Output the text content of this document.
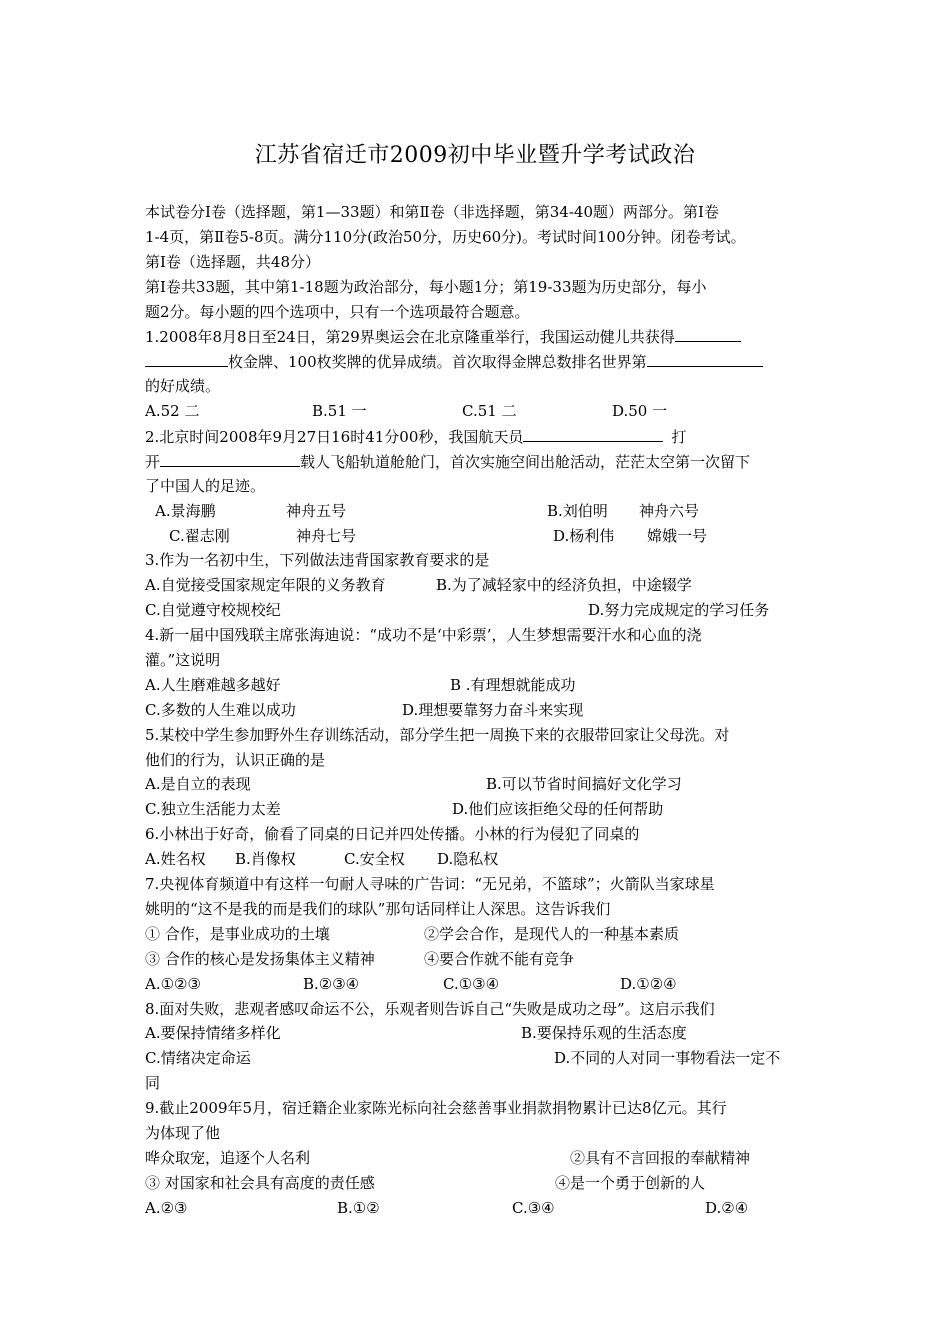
江苏省宿迁市2009初中毕业暨升学考试政治
本试卷分Ⅰ卷（选择题，第1—33题）和第Ⅱ卷（非选择题，第34-40题）两部分。第Ⅰ卷
1-4页，第Ⅱ卷5-8页。满分110分(政治50分，历史60分)。考试时间100分钟。闭卷考试。
第Ⅰ卷（选择题，共48分）
第Ⅰ卷共33题，其中第1-18题为政治部分，每小题1分；第19-33题为历史部分，每小
题2分。每小题的四个选项中，只有一个选项最符合题意。
1.2008年8月8日至24日，第29界奥运会在北京隆重举行，我国运动健儿共获得
枚金牌、100枚奖牌的优异成绩。首次取得金牌总数排名世界第
的好成绩。
A.52 二	B.51 一	C.51 二	D.50 一
2.北京时间2008年9月27日16时41分00秒，我国航天员	打
开	载人飞船轨道舱舱门，首次实施空间出舱活动，茫茫太空第一次留下
了中国人的足迹。
A.景海鹏	神舟五号	B.刘伯明 神舟六号
C.翟志刚	神舟七号	D.杨利伟 嫦娥一号
3.作为一名初中生，下列做法违背国家教育要求的是
A.自觉接受国家规定年限的义务教育	B.为了减轻家中的经济负担，中途辍学
C.自觉遵守校规校纪	D.努力完成规定的学习任务
4.新一届中国残联主席张海迪说：“成功不是‘中彩票’，人生梦想需要汗水和心血的浇
灌。”这说明
A.人生磨难越多越好	B .有理想就能成功
C.多数的人生难以成功	D.理想要靠努力奋斗来实现
5.某校中学生参加野外生存训练活动，部分学生把一周换下来的衣服带回家让父母洗。对
他们的行为，认识正确的是
A.是自立的表现	B.可以节省时间搞好文化学习
C.独立生活能力太差	D.他们应该拒绝父母的任何帮助
6.小林出于好奇，偷看了同桌的日记并四处传播。小林的行为侵犯了同桌的
A.姓名权 B.肖像权	C.安全权 D.隐私权
7.央视体育频道中有这样一句耐人寻味的广告词：“无兄弟，不篮球”；火箭队当家球星
姚明的“这不是我的而是我们的球队”那句话同样让人深思。这告诉我们
① 合作，是事业成功的土壤	②学会合作，是现代人的一种基本素质
③ 合作的核心是发扬集体主义精神	④要合作就不能有竞争
A.①②③	B.②③④	C.①③④	D.①②④
8.面对失败，悲观者感叹命运不公，乐观者则告诉自己“失败是成功之母”。这启示我们
A.要保持情绪多样化	B.要保持乐观的生活态度
C.情绪决定命运	D.不同的人对同一事物看法一定不
同
9.截止2009年5月，宿迁籍企业家陈光标向社会慈善事业捐款捐物累计已达8亿元。其行
为体现了他
哗众取宠，追逐个人名利	②具有不言回报的奉献精神
③ 对国家和社会具有高度的责任感	④是一个勇于创新的人
A.②③	B.①②	C.③④	D.②④
